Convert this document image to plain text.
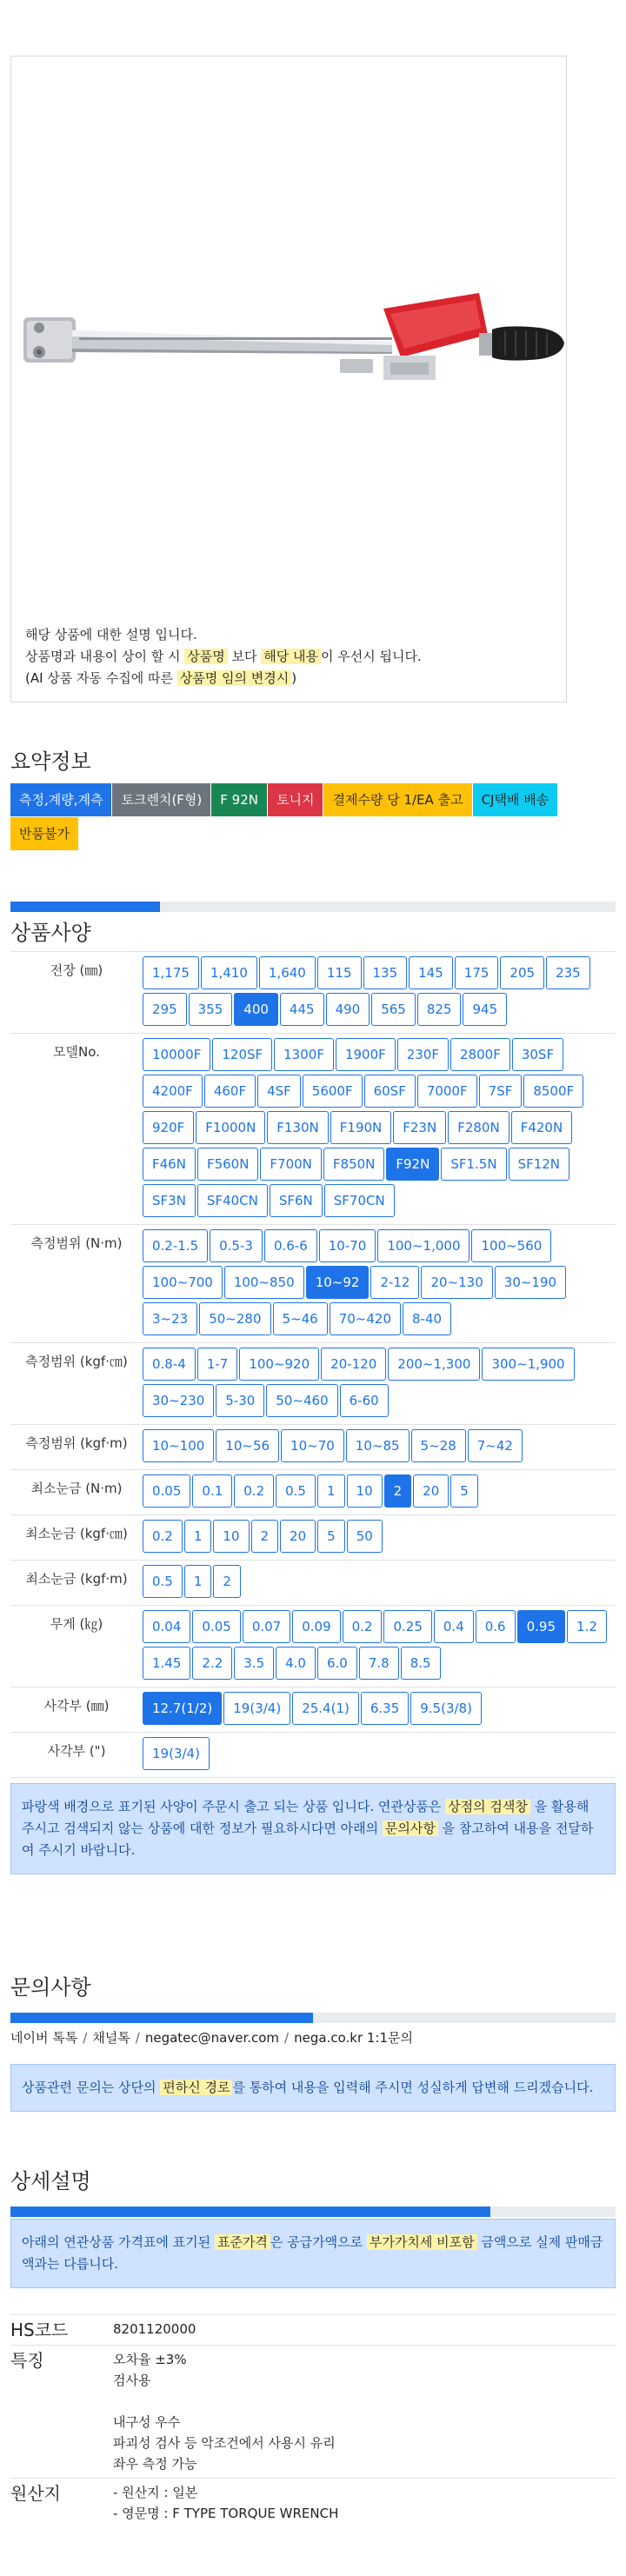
해당 상품에 대한 설명 입니다.
상품명과 내용이 상이 할 시 상품명 보다 해당 내용 이 우선시 됩니다.
(AI 상품 자동 수집에 따른 상품명 임의 변경시 )
요약정보
측정,계량,계측	토크렌치(F형)	F 92N	토니지	결제수량 당 1/EA 출고	CJ택배 배송
반품불가
상품사양
전장 (㎜)	1,175	1,410	1,640	115	135	145	175	205	235
295	355	400	445	490	565	825	945
모델No.	10000F	120SF	1300F	1900F	230F	2800F	30SF
4200F	460F	4SF	5600F	60SF	7000F	7SF	8500F
920F	F1000N	F130N	F190N	F23N	F280N	F420N
F46N	F560N	F700N	F850N	F92N	SF1.5N	SF12N
SF3N	SF40CN	SF6N	SF70CN
측정범위 (N·m)	0.2-1.5	0.5-3	0.6-6	10-70	100~1,000	100~560
100~700	100~850	10~92	2-12	20~130	30~190
3~23	50~280	5~46	70~420	8-40
측정범위 (kgf·㎝)	0.8-4	1-7	100~920	20-120	200~1,300	300~1,900
30~230	5-30	50~460	6-60
측정범위 (kgf·m)	10~100	10~56	10~70	10~85	5~28	7~42
최소눈금 (N·m)	0.05	0.1	0.2	0.5	1	10	2	20	5
최소눈금 (kgf·㎝)	0.2	1	10	2	20	5	50
최소눈금 (kgf·m)	0.5	1	2
무게 (㎏)	0.04	0.05	0.07	0.09	0.2	0.25	0.4	0.6	0.95	1.2
1.45	2.2	3.5	4.0	6.0	7.8	8.5
사각부 (㎜)	12.7(1/2)	19(3/4)	25.4(1)	6.35	9.5(3/8)
사각부 (")	19(3/4)
파랑색 배경으로 표기된 사양이 주문시 출고 되는 상품 입니다. 연관상품은 상점의 검색창 을 활용해 주시고 검색되지 않는 상품에 대한 정보가 필요하시다면 아래의 문의사항 을 참고하여 내용을 전달하여 주시기 바랍니다.
문의사항
네이버 톡톡 / 채널톡 / negatec@naver.com / nega.co.kr 1:1문의
상품관련 문의는 상단의 편하신 경로 를 통하여 내용을 입력해 주시면 성실하게 답변해 드리겠습니다.
상세설명
아래의 연관상품 가격표에 표기된 표준가격 은 공급가액으로 부가가치세 비포함 금액으로 실제 판매금액과는 다릅니다.
HS코드	8201120000
특징	오차율 ±3%
검사용
내구성 우수
파괴성 검사 등 악조건에서 사용시 유리
좌우 측정 가능

원산지	- 원산지 : 일본
- 영문명 : F TYPE TORQUE WRENCH
